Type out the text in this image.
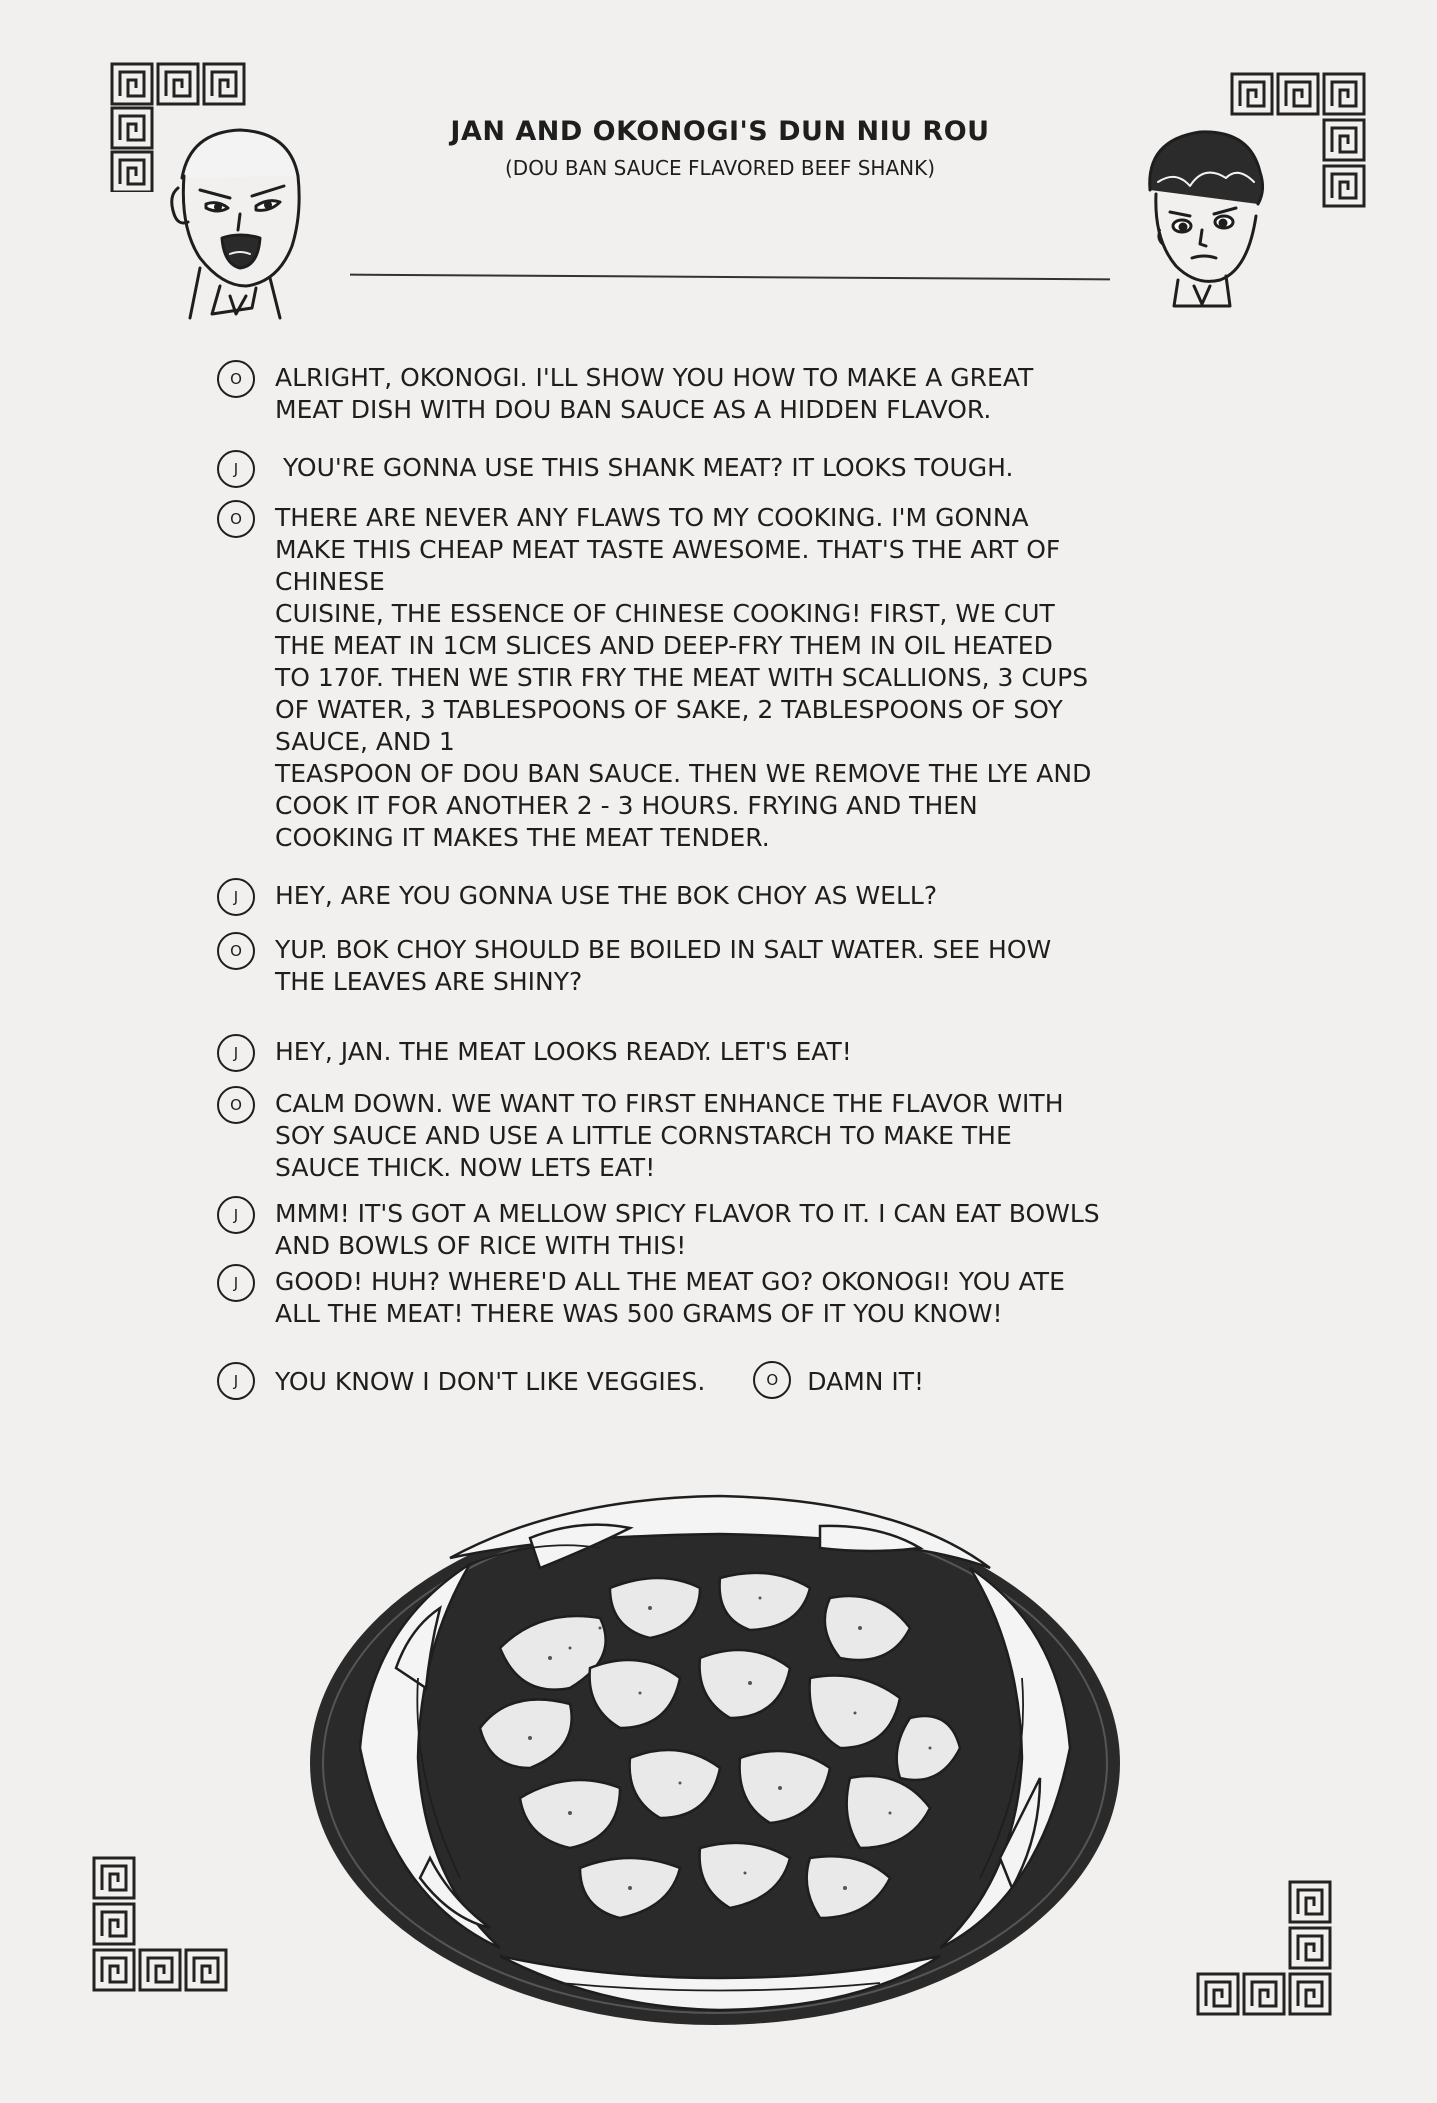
JAN AND OKONOGI'S DUN NIU ROU
(DOU BAN SAUCE FLAVORED BEEF SHANK)
O	ALRIGHT, OKONOGI. I'LL SHOW YOU HOW TO MAKE A GREAT
MEAT DISH WITH DOU BAN SAUCE AS A HIDDEN FLAVOR.
J	YOU'RE GONNA USE THIS SHANK MEAT? IT LOOKS TOUGH.
O	THERE ARE NEVER ANY FLAWS TO MY COOKING. I'M GONNA
MAKE THIS CHEAP MEAT TASTE AWESOME. THAT'S THE ART OF
CHINESE
CUISINE, THE ESSENCE OF CHINESE COOKING! FIRST, WE CUT
THE MEAT IN 1CM SLICES AND DEEP-FRY THEM IN OIL HEATED
TO 170F. THEN WE STIR FRY THE MEAT WITH SCALLIONS, 3 CUPS
OF WATER, 3 TABLESPOONS OF SAKE, 2 TABLESPOONS OF SOY
SAUCE, AND 1
TEASPOON OF DOU BAN SAUCE. THEN WE REMOVE THE LYE AND
COOK IT FOR ANOTHER 2 - 3 HOURS. FRYING AND THEN
COOKING IT MAKES THE MEAT TENDER.
J	HEY, ARE YOU GONNA USE THE BOK CHOY AS WELL?
O	YUP. BOK CHOY SHOULD BE BOILED IN SALT WATER. SEE HOW
THE LEAVES ARE SHINY?
J	HEY, JAN. THE MEAT LOOKS READY. LET'S EAT!
O	CALM DOWN. WE WANT TO FIRST ENHANCE THE FLAVOR WITH
SOY SAUCE AND USE A LITTLE CORNSTARCH TO MAKE THE
SAUCE THICK. NOW LETS EAT!
J	MMM! IT'S GOT A MELLOW SPICY FLAVOR TO IT. I CAN EAT BOWLS
AND BOWLS OF RICE WITH THIS!
J	GOOD! HUH? WHERE'D ALL THE MEAT GO? OKONOGI! YOU ATE
ALL THE MEAT! THERE WAS 500 GRAMS OF IT YOU KNOW!
J	YOU KNOW I DON'T LIKE VEGGIES.	O DAMN IT!
